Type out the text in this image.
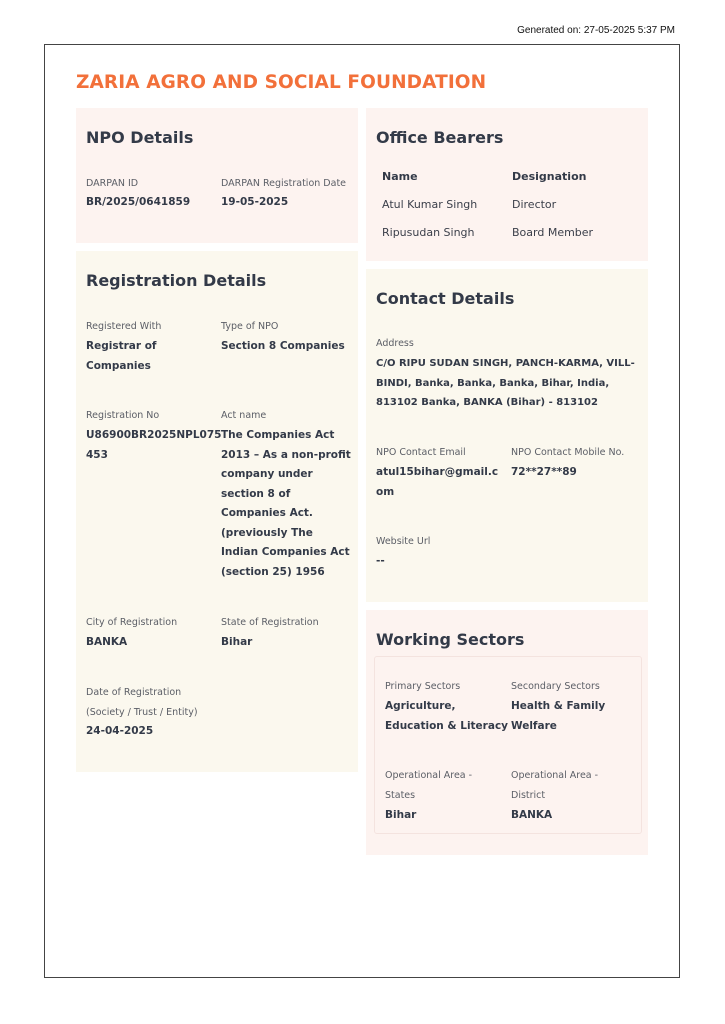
Generated on: 27-05-2025 5:37 PM
ZARIA AGRO AND SOCIAL FOUNDATION
NPO Details
DARPAN ID
BR/2025/0641859
DARPAN Registration Date
19-05-2025
Office Bearers
Name	Designation
Atul Kumar Singh	Director
Ripusudan Singh	Board Member
Registration Details
Registered With
Registrar of
Companies
Type of NPO
Section 8 Companies
Registration No
U86900BR2025NPL075
453
Act name
The Companies Act
2013 – As a non-profit
company under
section 8 of
Companies Act.
(previously The
Indian Companies Act
(section 25) 1956
City of Registration
BANKA
State of Registration
Bihar
Date of Registration
(Society / Trust / Entity)
24-04-2025
Contact Details
Address
C/O RIPU SUDAN SINGH, PANCH-KARMA, VILL-
BINDI, Banka, Banka, Banka, Bihar, India,
813102 Banka, BANKA (Bihar) - 813102
NPO Contact Email
atul15bihar@gmail.c
om
NPO Contact Mobile No.
72**27**89
Website Url
--
Working Sectors
Primary Sectors
Agriculture,
Education & Literacy
Secondary Sectors
Health & Family
Welfare
Operational Area -
States
Bihar
Operational Area -
District
BANKA
